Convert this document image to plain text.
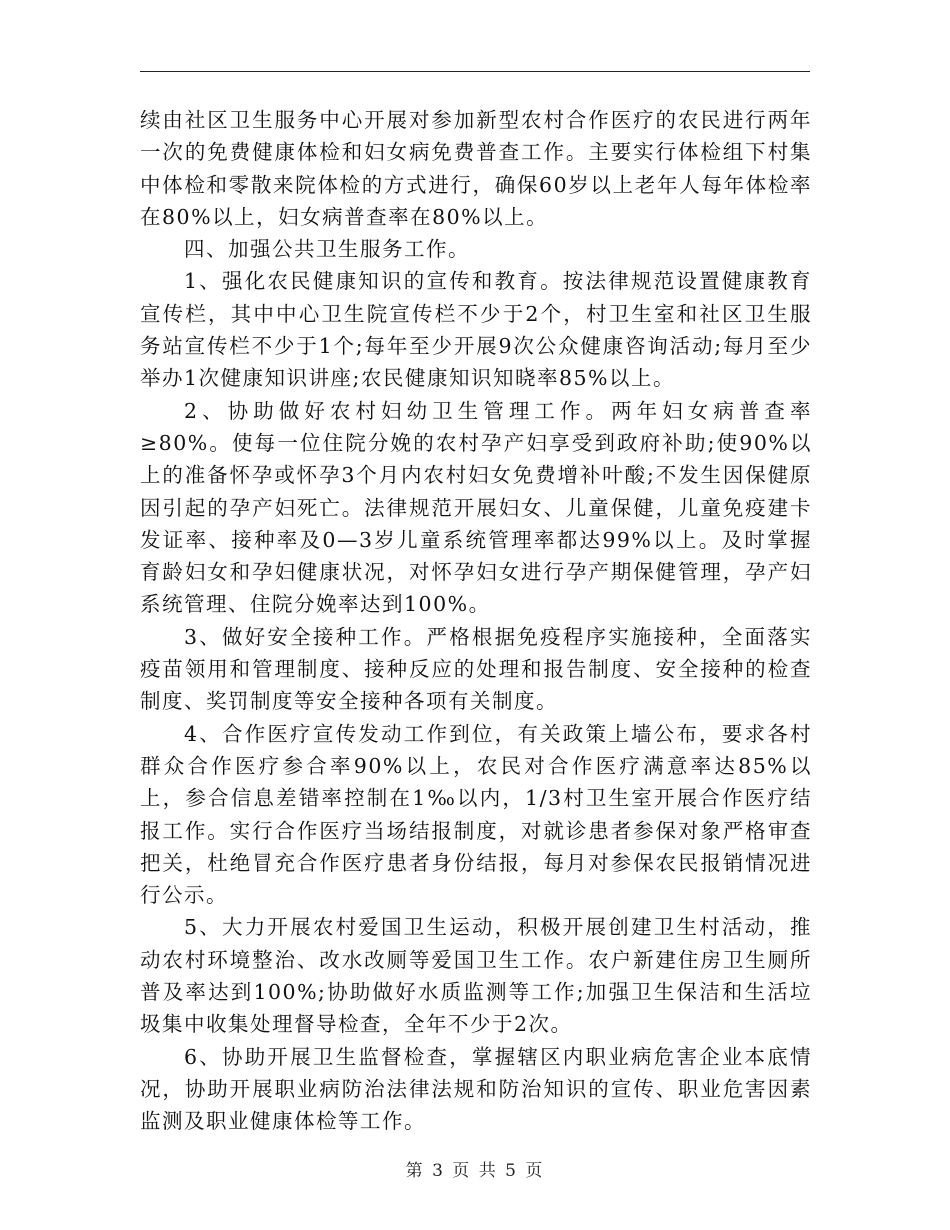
续由社区卫生服务中心开展对参加新型农村合作医疗的农民进行两年一次的免费健康体检和妇女病免费普查工作。主要实行体检组下村集中体检和零散来院体检的方式进行，确保60岁以上老年人每年体检率在80%以上，妇女病普查率在80%以上。

四、加强公共卫生服务工作。

1、强化农民健康知识的宣传和教育。按法律规范设置健康教育宣传栏，其中中心卫生院宣传栏不少于2个，村卫生室和社区卫生服务站宣传栏不少于1个;每年至少开展9次公众健康咨询活动;每月至少举办1次健康知识讲座;农民健康知识知晓率85%以上。

2、协助做好农村妇幼卫生管理工作。两年妇女病普查率≥80%。使每一位住院分娩的农村孕产妇享受到政府补助;使90%以上的准备怀孕或怀孕3个月内农村妇女免费增补叶酸;不发生因保健原因引起的孕产妇死亡。法律规范开展妇女、儿童保健，儿童免疫建卡发证率、接种率及0—3岁儿童系统管理率都达99%以上。及时掌握育龄妇女和孕妇健康状况，对怀孕妇女进行孕产期保健管理，孕产妇系统管理、住院分娩率达到100%。

3、做好安全接种工作。严格根据免疫程序实施接种，全面落实疫苗领用和管理制度、接种反应的处理和报告制度、安全接种的检查制度、奖罚制度等安全接种各项有关制度。

4、合作医疗宣传发动工作到位，有关政策上墙公布，要求各村群众合作医疗参合率90%以上，农民对合作医疗满意率达85%以上，参合信息差错率控制在1‰以内，1/3村卫生室开展合作医疗结报工作。实行合作医疗当场结报制度，对就诊患者参保对象严格审查把关，杜绝冒充合作医疗患者身份结报，每月对参保农民报销情况进行公示。

5、大力开展农村爱国卫生运动，积极开展创建卫生村活动，推动农村环境整治、改水改厕等爱国卫生工作。农户新建住房卫生厕所普及率达到100%;协助做好水质监测等工作;加强卫生保洁和生活垃圾集中收集处理督导检查，全年不少于2次。

6、协助开展卫生监督检查，掌握辖区内职业病危害企业本底情况，协助开展职业病防治法律法规和防治知识的宣传、职业危害因素监测及职业健康体检等工作。

第 3 页 共 5 页
